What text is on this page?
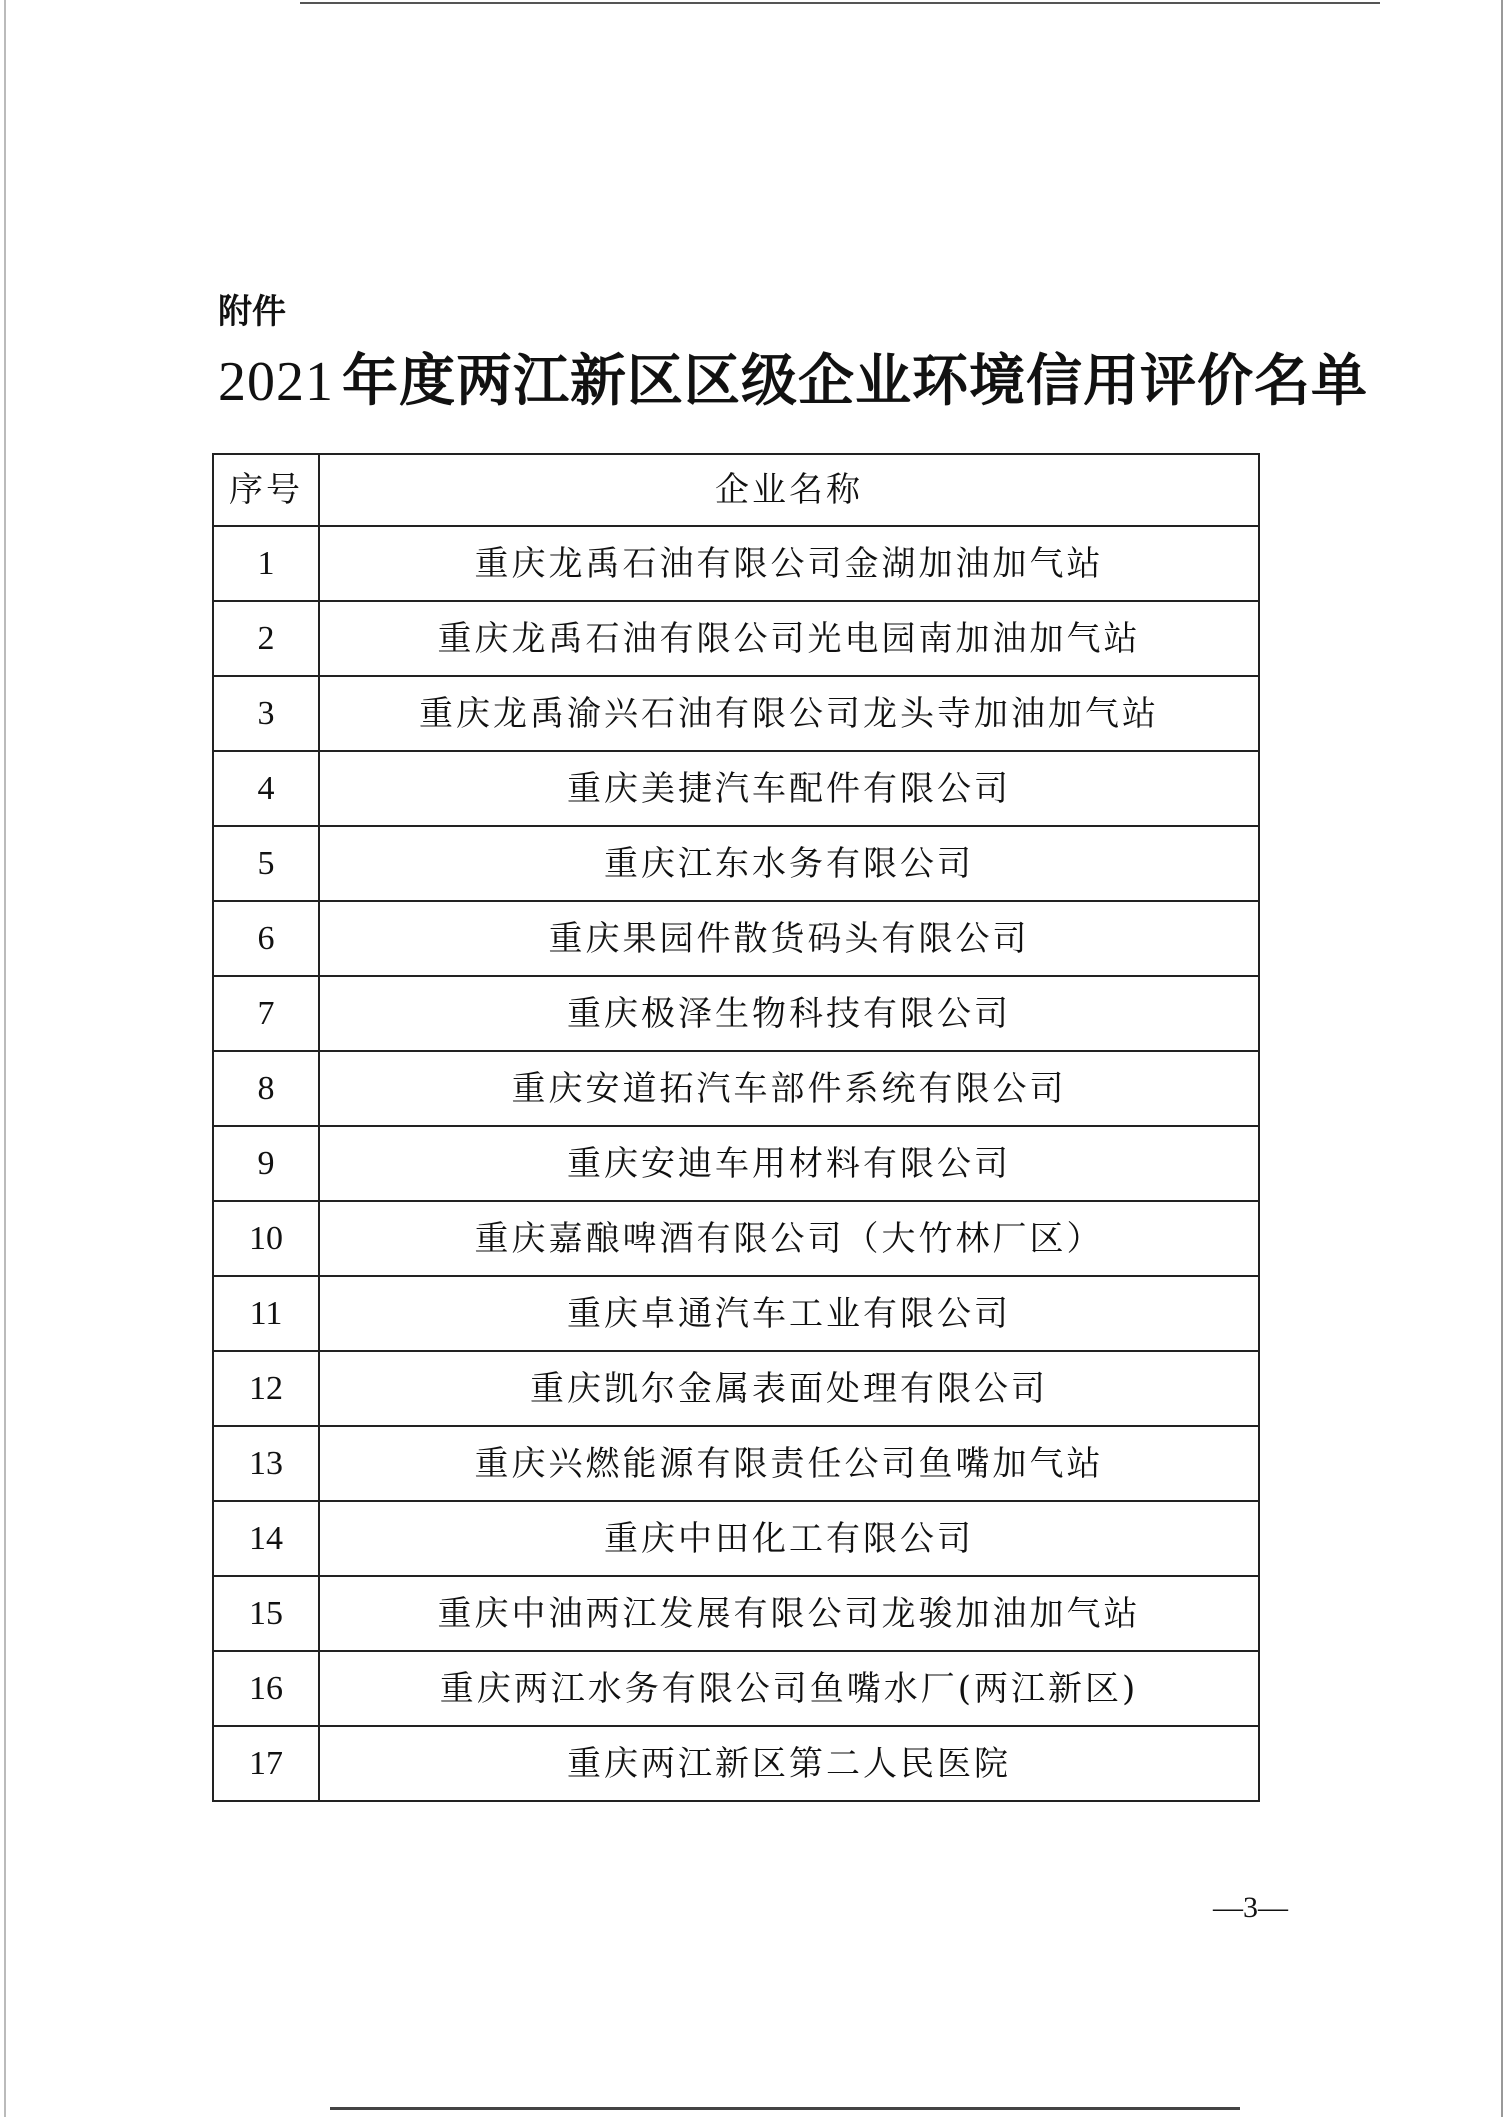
附件
2021 年度两江新区区级企业环境信用评价名单
序号	企业名称
1	重庆龙禹石油有限公司金湖加油加气站
2	重庆龙禹石油有限公司光电园南加油加气站
3	重庆龙禹渝兴石油有限公司龙头寺加油加气站
4	重庆美捷汽车配件有限公司
5	重庆江东水务有限公司
6	重庆果园件散货码头有限公司
7	重庆极泽生物科技有限公司
8	重庆安道拓汽车部件系统有限公司
9	重庆安迪车用材料有限公司
10	重庆嘉酿啤酒有限公司（大竹林厂区）
11	重庆卓通汽车工业有限公司
12	重庆凯尔金属表面处理有限公司
13	重庆兴燃能源有限责任公司鱼嘴加气站
14	重庆中田化工有限公司
15	重庆中油两江发展有限公司龙骏加油加气站
16	重庆两江水务有限公司鱼嘴水厂(两江新区)
17	重庆两江新区第二人民医院
—3—
